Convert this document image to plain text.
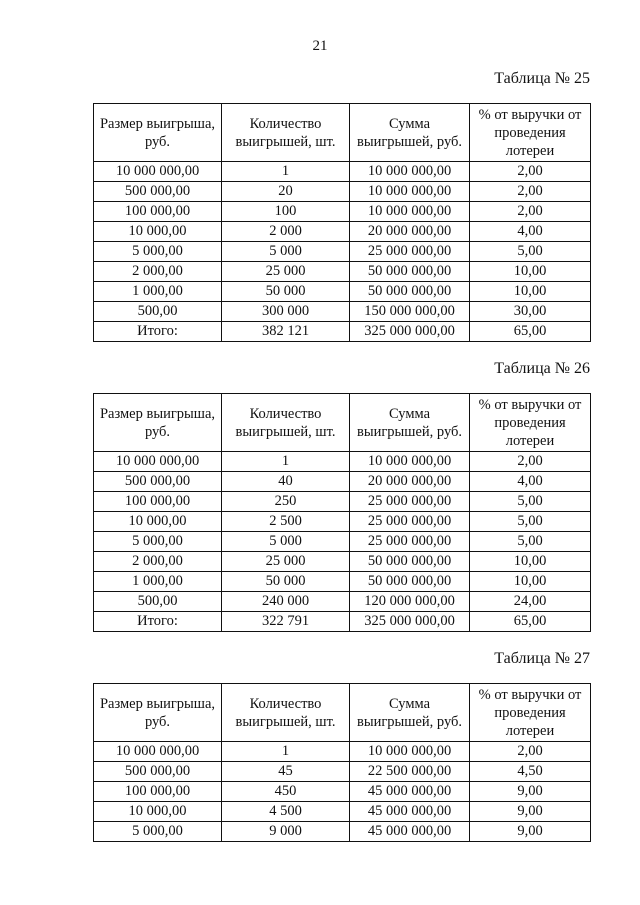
21
Таблица № 25
Размер выигрыша, руб.	Количество выигрышей, шт.	Сумма выигрышей, руб.	% от выручки от проведения лотереи
10 000 000,00	1	10 000 000,00	2,00
500 000,00	20	10 000 000,00	2,00
100 000,00	100	10 000 000,00	2,00
10 000,00	2 000	20 000 000,00	4,00
5 000,00	5 000	25 000 000,00	5,00
2 000,00	25 000	50 000 000,00	10,00
1 000,00	50 000	50 000 000,00	10,00
500,00	300 000	150 000 000,00	30,00
Итого:	382 121	325 000 000,00	65,00
Таблица № 26
Размер выигрыша, руб.	Количество выигрышей, шт.	Сумма выигрышей, руб.	% от выручки от проведения лотереи
10 000 000,00	1	10 000 000,00	2,00
500 000,00	40	20 000 000,00	4,00
100 000,00	250	25 000 000,00	5,00
10 000,00	2 500	25 000 000,00	5,00
5 000,00	5 000	25 000 000,00	5,00
2 000,00	25 000	50 000 000,00	10,00
1 000,00	50 000	50 000 000,00	10,00
500,00	240 000	120 000 000,00	24,00
Итого:	322 791	325 000 000,00	65,00
Таблица № 27
Размер выигрыша, руб.	Количество выигрышей, шт.	Сумма выигрышей, руб.	% от выручки от проведения лотереи
10 000 000,00	1	10 000 000,00	2,00
500 000,00	45	22 500 000,00	4,50
100 000,00	450	45 000 000,00	9,00
10 000,00	4 500	45 000 000,00	9,00
5 000,00	9 000	45 000 000,00	9,00
